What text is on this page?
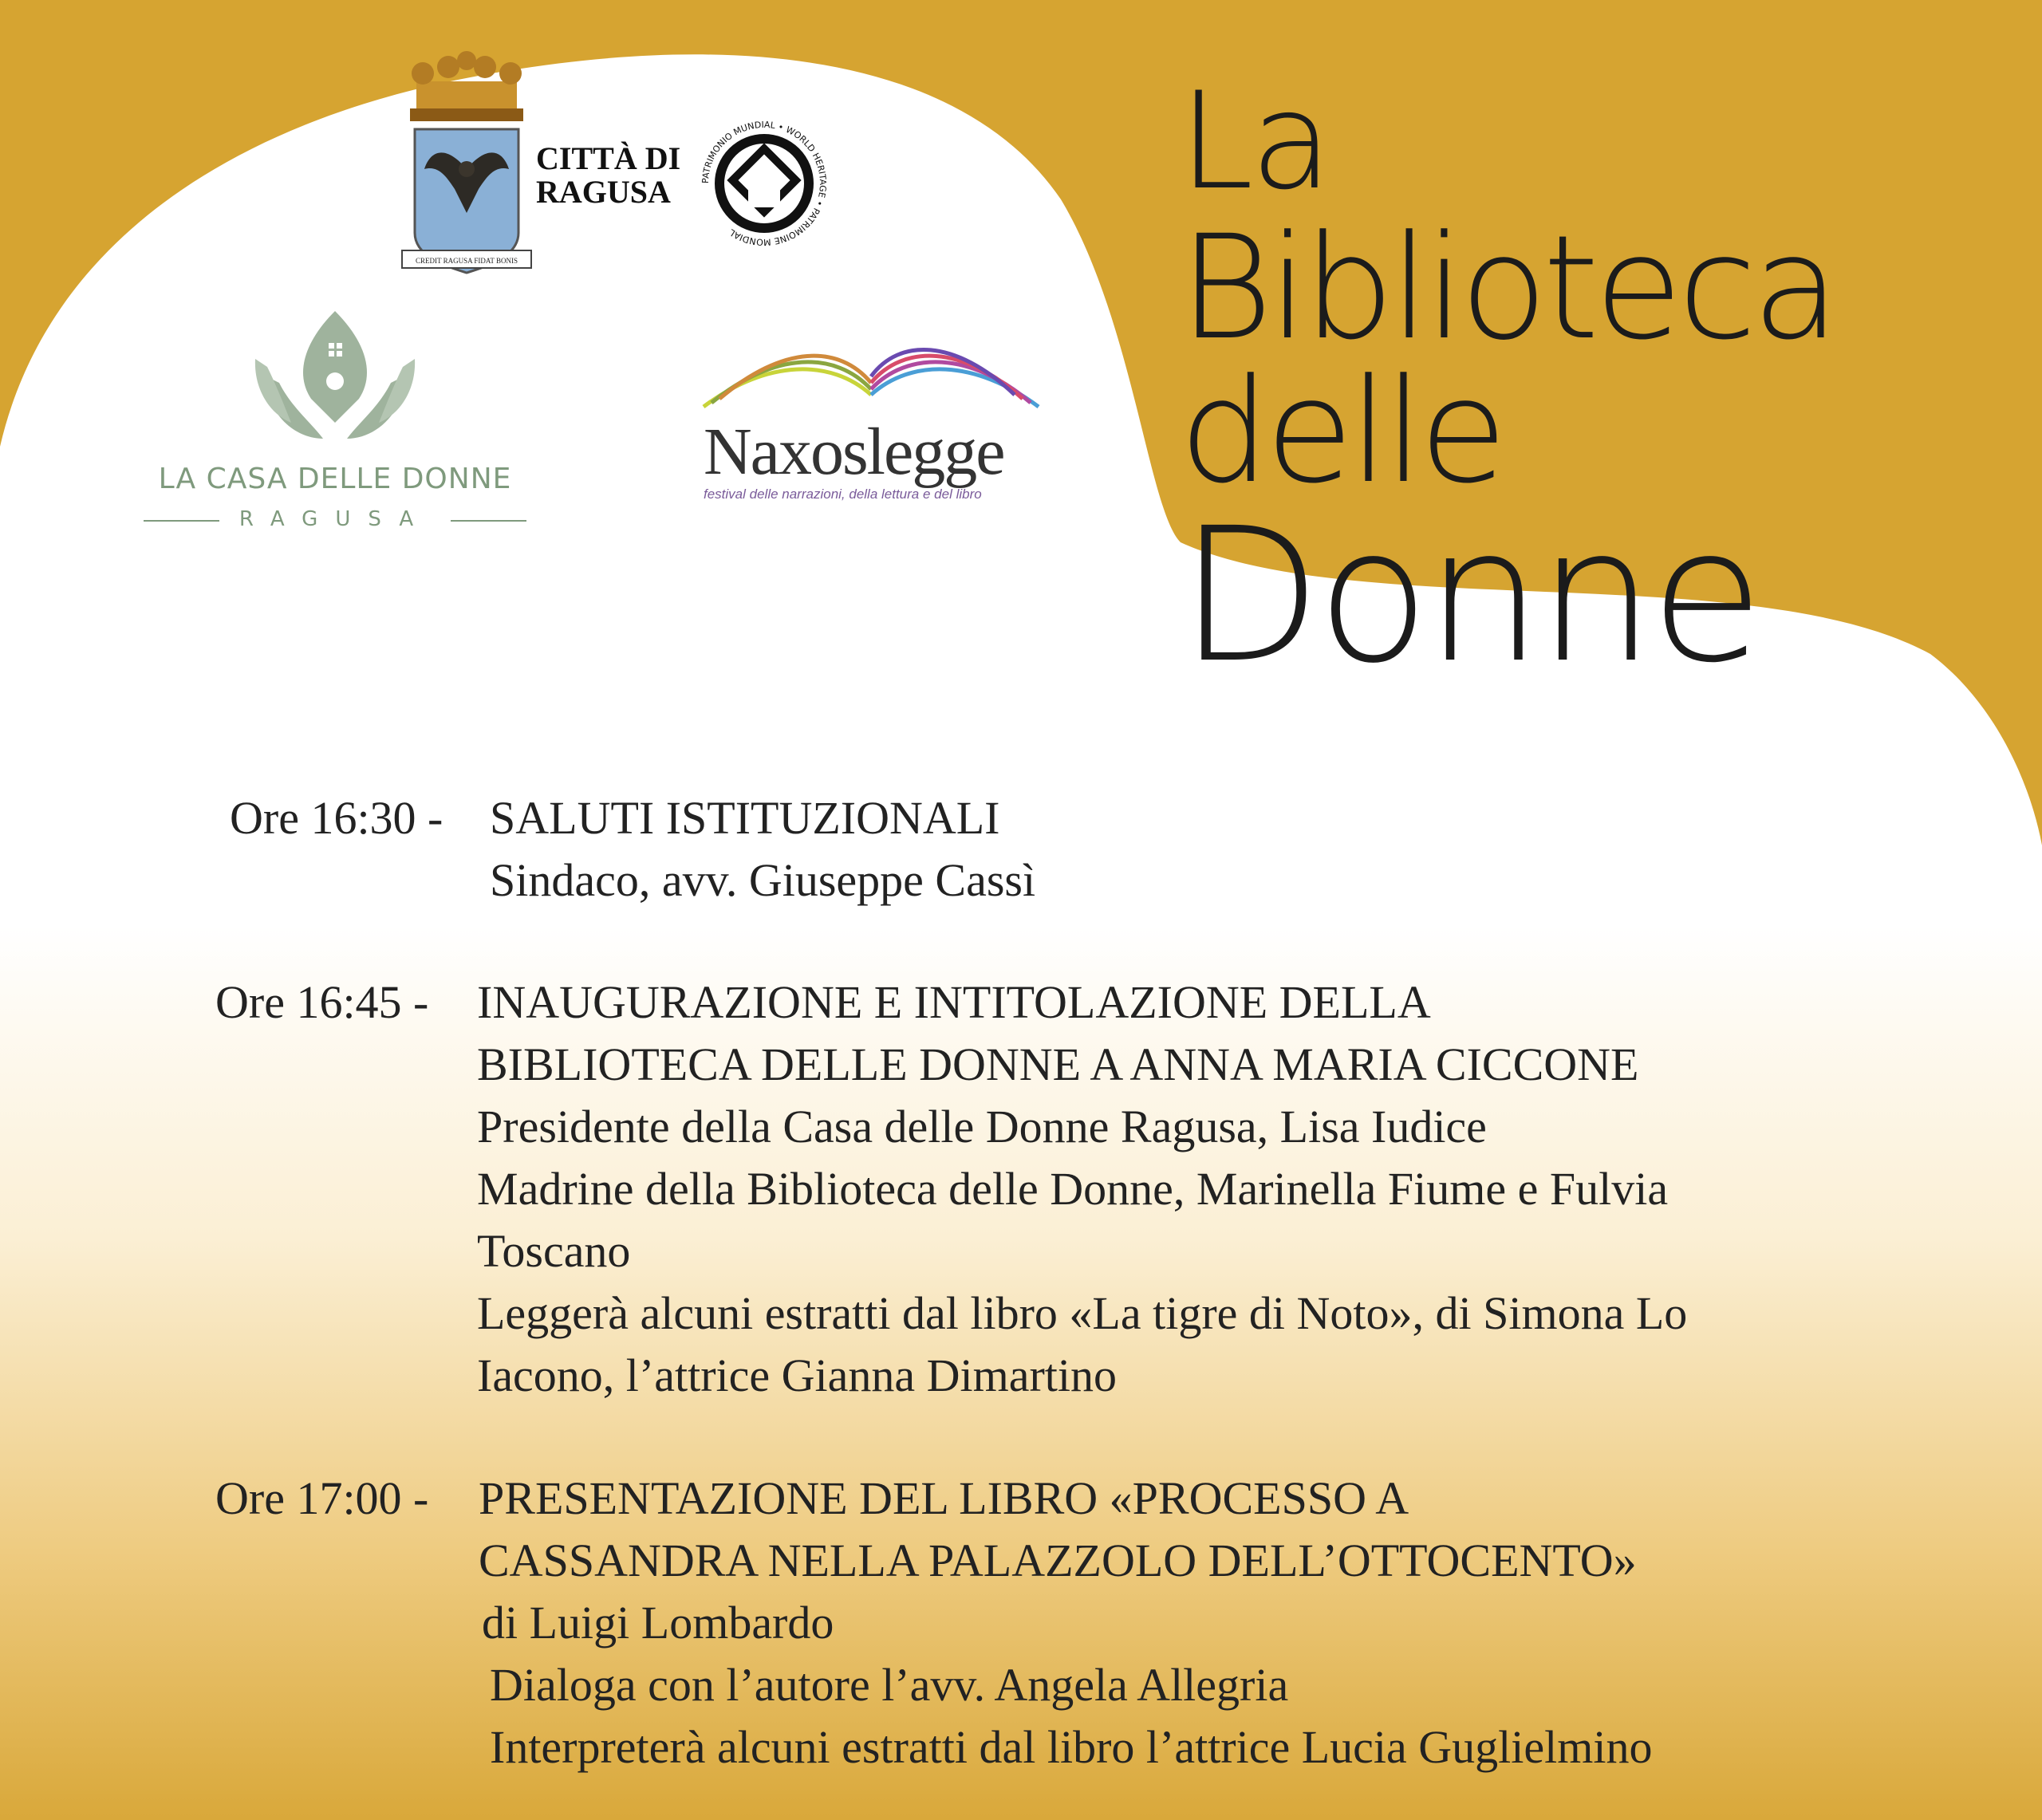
CREDIT RAGUSA FIDAT BONIS
CITTÀ DI
RAGUSA	PATRIMONIO MUNDIAL • WORLD HERITAGE • PATRIMOINE MONDIAL
LA CASA DELLE DONNE
RAGUSA
Naxoslegge
festival delle narrazioni, della lettura e del libro
La
Biblioteca
delle
Donne
Ore 16:30 - SALUTI ISTITUZIONALI
Sindaco, avv. Giuseppe Cassì
Ore 16:45 - INAUGURAZIONE E INTITOLAZIONE DELLA
BIBLIOTECA DELLE DONNE A ANNA MARIA CICCONE
Presidente della Casa delle Donne Ragusa, Lisa Iudice
Madrine della Biblioteca delle Donne, Marinella Fiume e Fulvia
Toscano
Leggerà alcuni estratti dal libro «La tigre di Noto», di Simona Lo
Iacono, l’attrice Gianna Dimartino
Ore 17:00 - PRESENTAZIONE DEL LIBRO «PROCESSO A
CASSANDRA NELLA PALAZZOLO DELL’OTTOCENTO»
di Luigi Lombardo
Dialoga con l’autore l’avv. Angela Allegria
Interpreterà alcuni estratti dal libro l’attrice Lucia Guglielmino
